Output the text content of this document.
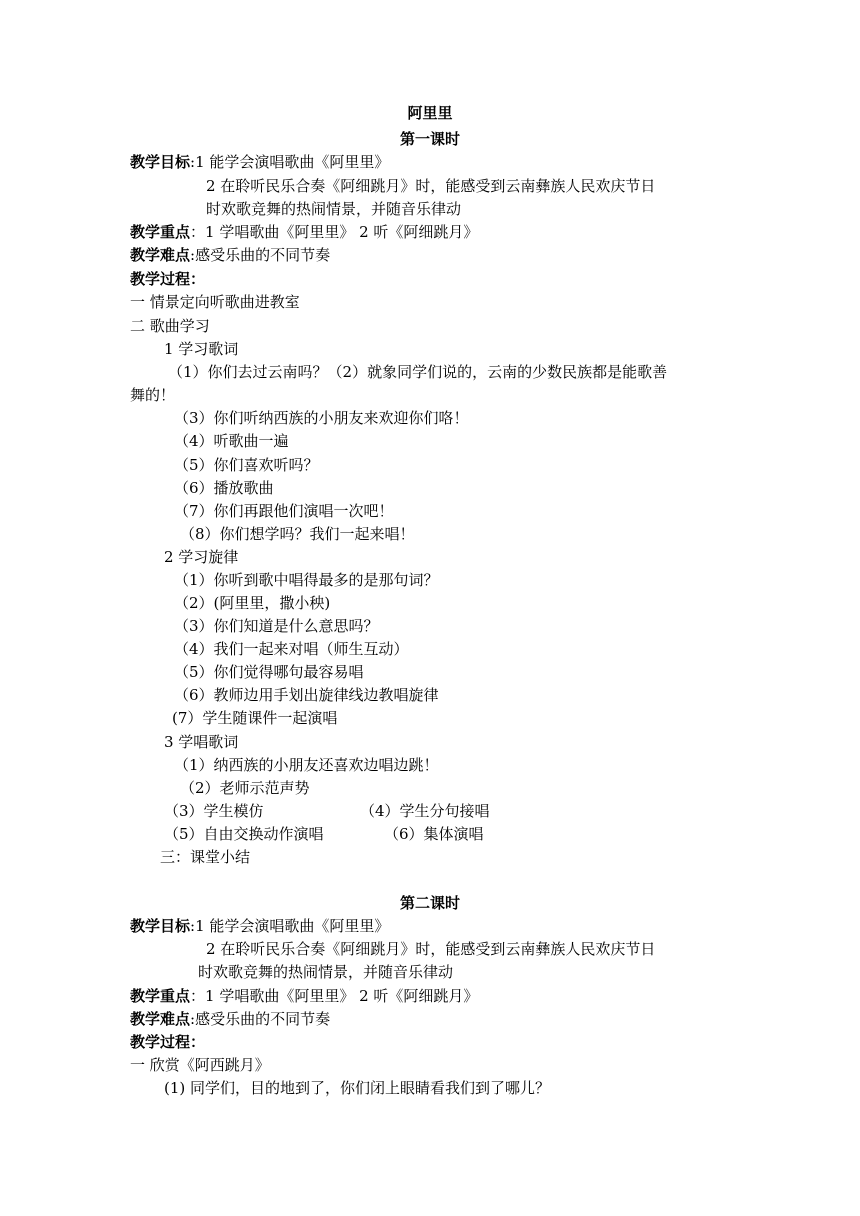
阿里里
第一课时
教学目标:1 能学会演唱歌曲《阿里里》
2 在聆听民乐合奏《阿细跳月》时，能感受到云南彝族人民欢庆节日
时欢歌竞舞的热闹情景，并随音乐律动
教学重点：1 学唱歌曲《阿里里》 2 听《阿细跳月》
教学难点:感受乐曲的不同节奏
教学过程：
一 情景定向听歌曲进教室
二 歌曲学习
1 学习歌词
（1）你们去过云南吗？（2）就象同学们说的，云南的少数民族都是能歌善
舞的！
（3）你们听纳西族的小朋友来欢迎你们咯！
（4）听歌曲一遍
（5）你们喜欢听吗？
（6）播放歌曲
（7）你们再跟他们演唱一次吧！
（8）你们想学吗？我们一起来唱！
2 学习旋律
（1）你听到歌中唱得最多的是那句词？
（2）(阿里里，撒小秧)
（3）你们知道是什么意思吗？
（4）我们一起来对唱（师生互动）
（5）你们觉得哪句最容易唱
（6）教师边用手划出旋律线边教唱旋律
(7）学生随课件一起演唱
3 学唱歌词
（1）纳西族的小朋友还喜欢边唱边跳！
（2）老师示范声势
（3）学生模仿	（4）学生分句接唱
（5）自由交换动作演唱	（6）集体演唱
三：课堂小结
第二课时
教学目标:1 能学会演唱歌曲《阿里里》
2 在聆听民乐合奏《阿细跳月》时，能感受到云南彝族人民欢庆节日
时欢歌竞舞的热闹情景，并随音乐律动
教学重点：1 学唱歌曲《阿里里》 2 听《阿细跳月》
教学难点:感受乐曲的不同节奏
教学过程：
一 欣赏《阿西跳月》
(1) 同学们，目的地到了，你们闭上眼睛看我们到了哪儿？
